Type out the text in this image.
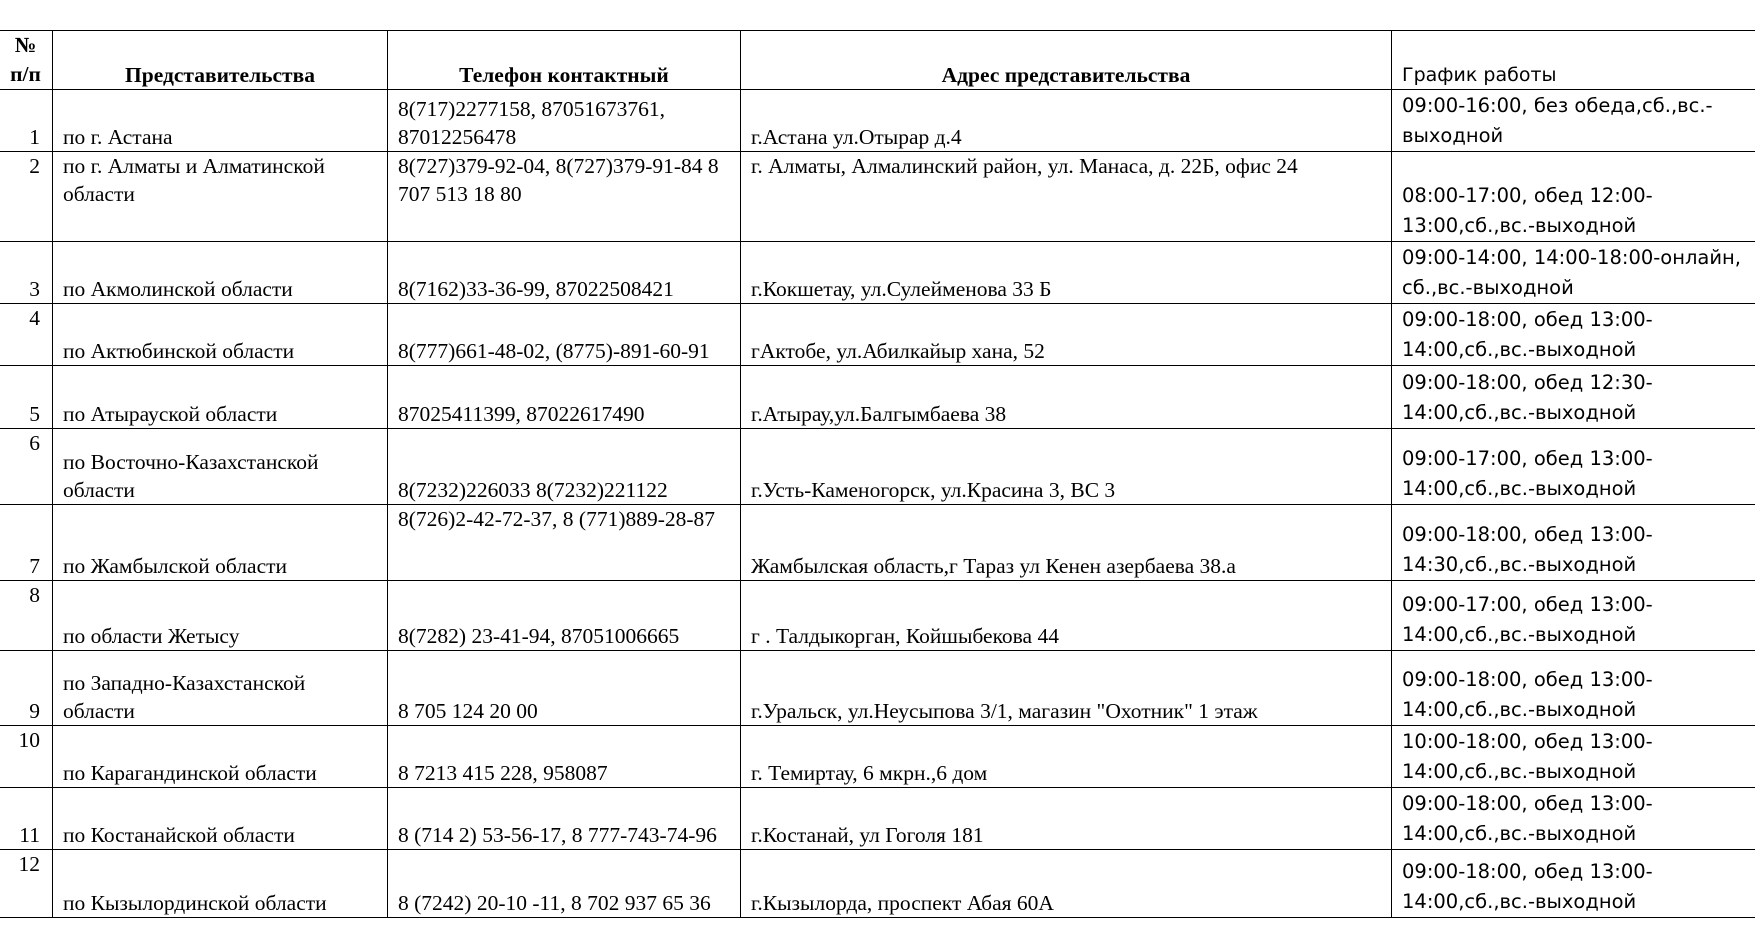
№
п/п	Представительства	Телефон контактный	Адрес представительства	График работы
1	по г. Астана	8(717)2277158, 87051673761, 87012256478	г.Астана ул.Отырар д.4	09:00-16:00, без обеда,сб.,вс.-выходной
2	по г. Алматы и Алматинской области	8(727)379-92-04, 8(727)379-91-84 8 707 513 18 80	г. Алматы, Алмалинский район, ул. Манаса, д. 22Б, офис 24	08:00-17:00, обед 12:00-13:00,сб.,вс.-выходной
3	по Акмолинской области	8(7162)33-36-99, 87022508421	г.Кокшетау, ул.Сулейменова 33 Б	09:00-14:00, 14:00-18:00-онлайн, сб.,вс.-выходной
4	по Актюбинской области	8(777)661-48-02, (8775)-891-60-91	гАктобе, ул.Абилкайыр хана, 52	09:00-18:00, обед 13:00-14:00,сб.,вс.-выходной
5	по Атырауской области	87025411399, 87022617490	г.Атырау,ул.Балгымбаева 38	09:00-18:00, обед 12:30-14:00,сб.,вс.-выходной
6	по Восточно-Казахстанской области	8(7232)226033 8(7232)221122	г.Усть-Каменогорск, ул.Красина 3, ВС 3	09:00-17:00, обед 13:00-14:00,сб.,вс.-выходной
7	по Жамбылской области	8(726)2-42-72-37, 8 (771)889-28-87	Жамбылская область,г Тараз ул Кенен азербаева 38.а	09:00-18:00, обед 13:00-14:30,сб.,вс.-выходной
8	по области Жетысу	8(7282) 23-41-94, 87051006665	г . Талдыкорган, Койшыбекова 44	09:00-17:00, обед 13:00-14:00,сб.,вс.-выходной
9	по Западно-Казахстанской области	8 705 124 20 00	г.Уральск, ул.Неусыпова 3/1, магазин "Охотник" 1 этаж	09:00-18:00, обед 13:00-14:00,сб.,вс.-выходной
10	по Карагандинской области	8 7213 415 228, 958087	г. Темиртау, 6 мкрн.,6 дом	10:00-18:00, обед 13:00-14:00,сб.,вс.-выходной
11	по Костанайской области	8 (714 2) 53-56-17, 8 777-743-74-96	г.Костанай, ул Гоголя 181	09:00-18:00, обед 13:00-14:00,сб.,вс.-выходной
12	по Кызылординской области	8 (7242) 20-10 -11, 8 702 937 65 36	г.Кызылорда, проспект Абая 60А	09:00-18:00, обед 13:00-14:00,сб.,вс.-выходной
